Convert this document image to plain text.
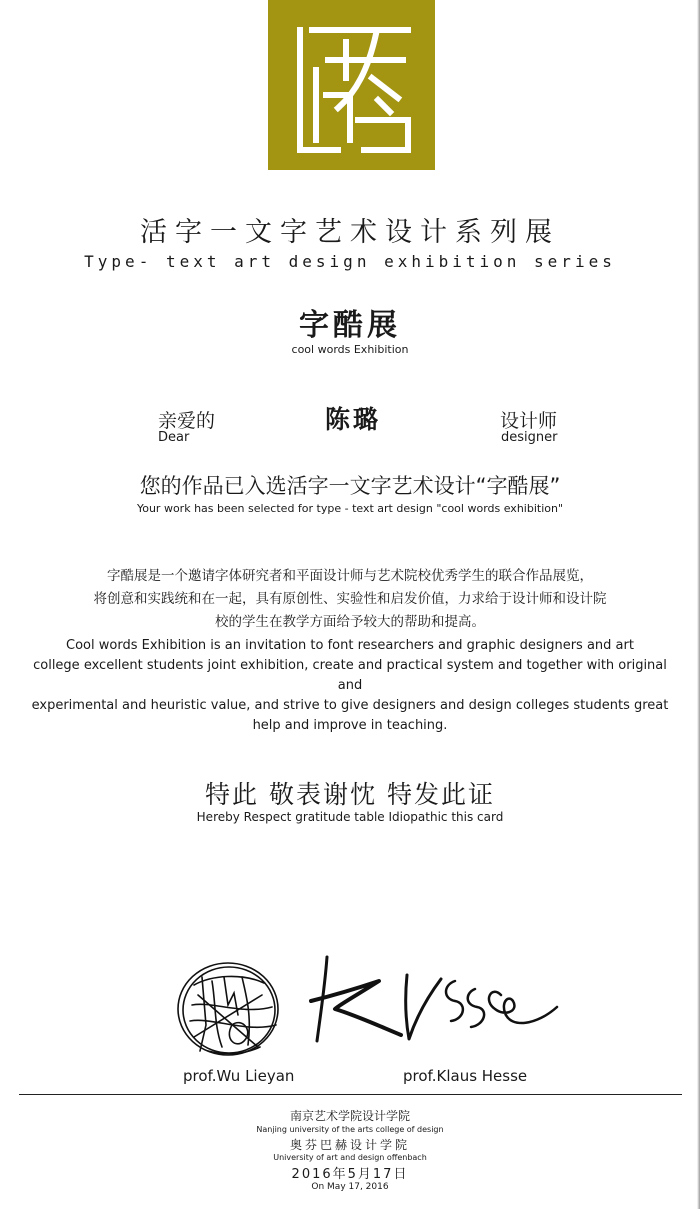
活字一文字艺术设计系列展
Type- text art design exhibition series
字酷展
cool words Exhibition
亲爱的
Dear
陈璐	设计师
designer
您的作品已入选活字一文字艺术设计“字酷展”
Your work has been selected for type - text art design "cool words exhibition"
字酷展是一个邀请字体研究者和平面设计师与艺术院校优秀学生的联合作品展览，
将创意和实践统和在一起，具有原创性、实验性和启发价值，力求给于设计师和设计院
校的学生在教学方面给予较大的帮助和提高。
Cool words Exhibition is an invitation to font researchers and graphic designers and art
college excellent students joint exhibition, create and practical system and together with original and
experimental and heuristic value, and strive to give designers and design colleges students great
help and improve in teaching.
特此 敬表谢忱 特发此证
Hereby Respect gratitude table Idiopathic this card
prof.Wu Lieyan	prof.Klaus Hesse
南京艺术学院设计学院
Nanjing university of the arts college of design
奥芬巴赫设计学院
University of art and design offenbach
2016年5月17日
On May 17, 2016
